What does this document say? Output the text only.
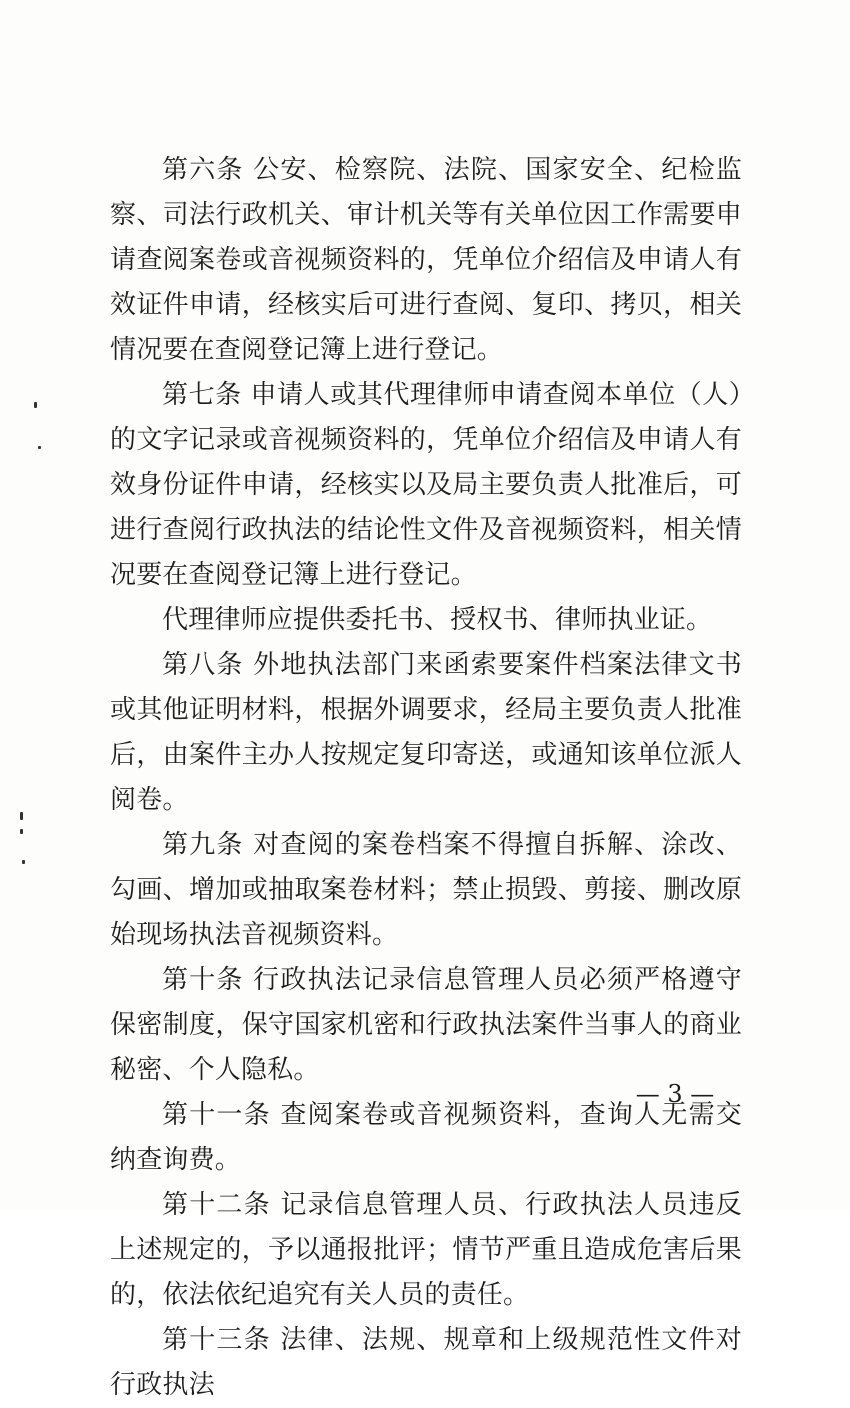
第六条 公安、检察院、法院、国家安全、纪检监察、司法行政机关、审计机关等有关单位因工作需要申请查阅案卷或音视频资料的，凭单位介绍信及申请人有效证件申请，经核实后可进行查阅、复印、拷贝，相关情况要在查阅登记簿上进行登记。

第七条 申请人或其代理律师申请查阅本单位（人）的文字记录或音视频资料的，凭单位介绍信及申请人有效身份证件申请，经核实以及局主要负责人批准后，可进行查阅行政执法的结论性文件及音视频资料，相关情况要在查阅登记簿上进行登记。

代理律师应提供委托书、授权书、律师执业证。

第八条 外地执法部门来函索要案件档案法律文书或其他证明材料，根据外调要求，经局主要负责人批准后，由案件主办人按规定复印寄送，或通知该单位派人阅卷。

第九条 对查阅的案卷档案不得擅自拆解、涂改、勾画、增加或抽取案卷材料；禁止损毁、剪接、删改原始现场执法音视频资料。

第十条 行政执法记录信息管理人员必须严格遵守保密制度，保守国家机密和行政执法案件当事人的商业秘密、个人隐私。

第十一条 查阅案卷或音视频资料，查询人无需交纳查询费。

第十二条 记录信息管理人员、行政执法人员违反上述规定的，予以通报批评；情节严重且造成危害后果的，依法依纪追究有关人员的责任。

第十三条 法律、法规、规章和上级规范性文件对行政执法

— 3 —
